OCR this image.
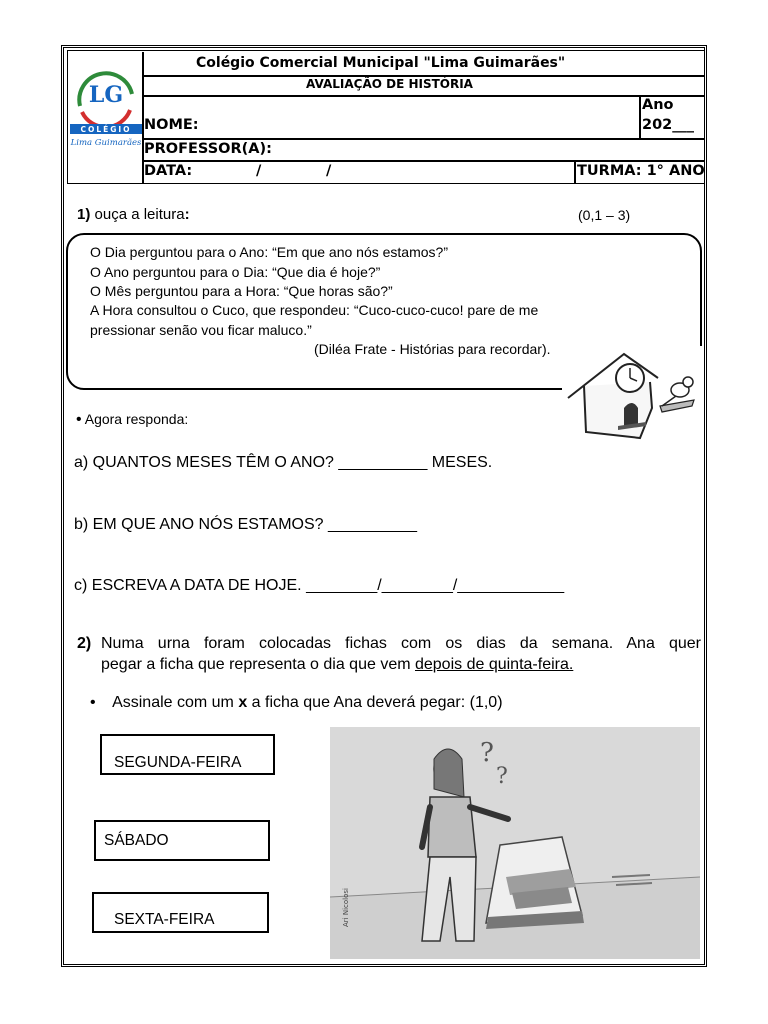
LG
COLÉGIO
Lima Guimarães
Colégio Comercial Municipal "Lima Guimarães"
AVALIAÇÃO DE HISTÓRIA
NOME:
Ano
202___
PROFESSOR(A):
DATA:	/	/	TURMA: 1° ANO
1) ouça a leitura:	(0,1 – 3)
O Dia perguntou para o Ano: “Em que ano nós estamos?”
O Ano perguntou para o Dia: “Que dia é hoje?”
O Mês perguntou para a Hora: “Que horas são?”
A Hora consultou o Cuco, que respondeu: “Cuco-cuco-cuco! pare de me
pressionar senão vou ficar maluco.”
(Diléa Frate - Histórias para recordar).
• Agora responda:
a) QUANTOS MESES TÊM O ANO? __________ MESES.
b) EM QUE ANO NÓS ESTAMOS? __________
c) ESCREVA A DATA DE HOJE. ________/________/____________
2) Numa urna foram colocadas fichas com os dias da semana. Ana quer
pegar a ficha que representa o dia que vem depois de quinta-feira.
• Assinale com um x a ficha que Ana deverá pegar: (1,0)
SEGUNDA-FEIRA
SÁBADO
SEXTA-FEIRA
?
?
Ari Nicolosi
